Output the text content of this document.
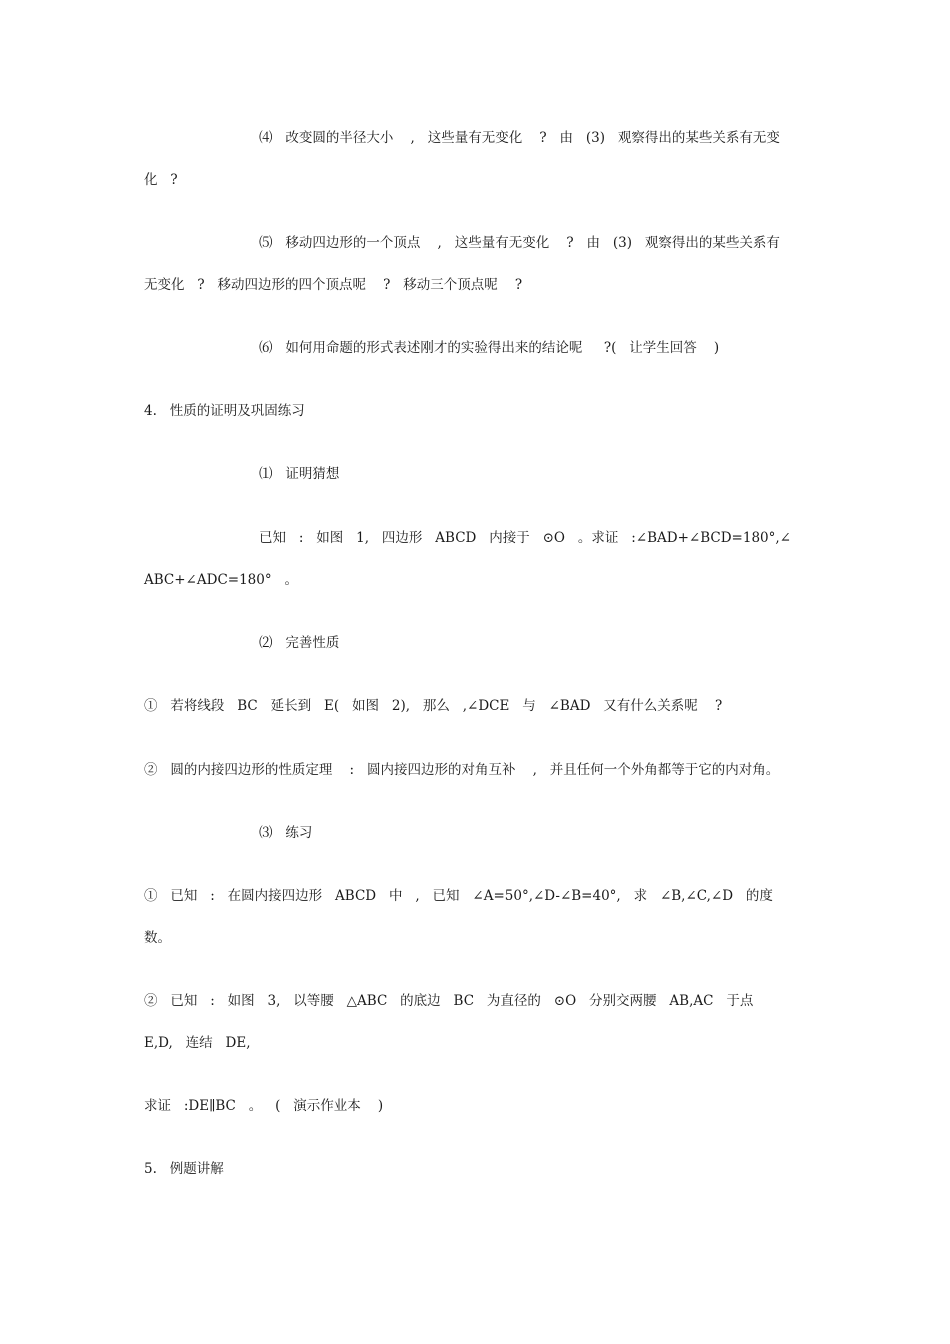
⑷   改变圆的半径大小    ,   这些量有无变化    ?   由   (3)   观察得出的某些关系有无变
化   ?
⑸   移动四边形的一个顶点    ,   这些量有无变化    ?   由   (3)   观察得出的某些关系有
无变化   ?   移动四边形的四个顶点呢    ?   移动三个顶点呢    ?
⑹   如何用命题的形式表述刚才的实验得出来的结论呢     ?(   让学生回答    )
4.   性质的证明及巩固练习
⑴   证明猜想
已知   :   如图   1,   四边形   ABCD   内接于   ⊙O   。求证   :∠BAD+∠BCD=180°,∠
ABC+∠ADC=180°   。
⑵   完善性质
①   若将线段   BC   延长到   E(   如图   2),   那么   ,∠DCE   与   ∠BAD   又有什么关系呢    ?
②   圆的内接四边形的性质定理    :   圆内接四边形的对角互补    ,   并且任何一个外角都等于它的内对角。
⑶   练习
①   已知   :   在圆内接四边形   ABCD   中   ,   已知   ∠A=50°,∠D-∠B=40°,   求   ∠B,∠C,∠D   的度
数。
②   已知   :   如图   3,   以等腰   △ABC   的底边   BC   为直径的   ⊙O   分别交两腰   AB,AC   于点
E,D,   连结   DE,
求证   :DE∥BC   。   (   演示作业本    )
5.   例题讲解
